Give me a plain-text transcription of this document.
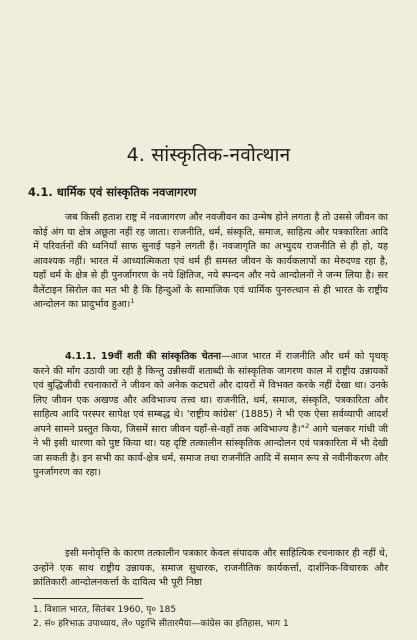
4. सांस्कृतिक-नवोत्थान
4.1. धार्मिक एवं सांस्कृतिक नवजागरण

जब किसी हताश राष्ट्र में नवजागरण और नवजीवन का उन्मेष होने लगता है तो उससे जीवन का कोई अंग या क्षेत्र अछूता नहीं रह जाता। राजनीति, धर्म, संस्कृति, समाज, साहित्य और पत्रकारिता आदि में परिवर्तनों की ध्वनियाँ साफ सुनाई पड़ने लगती हैं। नवजागृति का अभ्युदय राजनीति से ही हो, यह आवश्यक नहीं। भारत में आध्यात्मिकता एवं धर्म ही समस्त जीवन के कार्यकलापों का मेरुदण्ड रहा है, यहाँ धर्म के क्षेत्र से ही पुनर्जागरण के नये क्षितिज, नये स्पन्दन और नये आन्दोलनों ने जन्म लिया है। सर वैलेंटाइन सिरोल का मत भी है कि हिन्दुओं के सामाजिक एवं धार्मिक पुनरुत्थान से ही भारत के राष्ट्रीय आन्दोलन का प्रादुर्भाव हुआ।$^1$

4.1.1. 19वीं शती की सांस्कृतिक चेतना—आज भारत में राजनीति और धर्म को पृथक् करने की माँग उठायी जा रही है किन्तु उन्नीसवीं शताब्दी के सांस्कृतिक जागरण काल में राष्ट्रीय उन्नायकों एवं बुद्धिजीवी रचनाकारों ने जीवन को अनेक कटघरों और दायरों में विभक्त करके नहीं देखा था। उनके लिए जीवन एक अखण्ड और अविभाज्य तत्त्व था। राजनीति, धर्म, समाज, संस्कृति, पत्रकारिता और साहित्य आदि परस्पर सापेक्ष एवं सम्बद्ध थे। 'राष्ट्रीय कांग्रेस' (1885) ने भी एक ऐसा सर्वव्यापी आदर्श अपने सामने प्रस्तुत किया, जिसमें सारा जीवन यहाँ-से-वहाँ तक अविभाज्य है।"$^2$ आगे चलकर गांधी जी ने भी इसी धारणा को पुष्ट किया था। यह दृष्टि तत्कालीन सांस्कृतिक आन्दोलन एवं पत्रकारिता में भी देखी जा सकती है। इन सभी का कार्य-क्षेत्र धर्म, समाज तथा राजनीति आदि में समान रूप से नवीनीकरण और पुनर्जागरण का रहा।

इसी मनोवृत्ति के कारण तत्कालीन पत्रकार केवल संपादक और साहित्यिक रचनाकार ही नहीं थे, उन्होंने एक साथ राष्ट्रीय उन्नायक, समाज सुधारक, राजनीतिक कार्यकर्त्ता, दार्शनिक-विचारक और क्रांतिकारी आन्दोलनकर्त्ता के दायित्व भी पूरी निष्ठा

1. विशाल भारत, सितंबर 1960, पृ० 185
2. सं० हरिभाऊ उपाध्याय, ले० पट्टाभि सीतारमैया—कांग्रेस का इतिहास, भाग 1
